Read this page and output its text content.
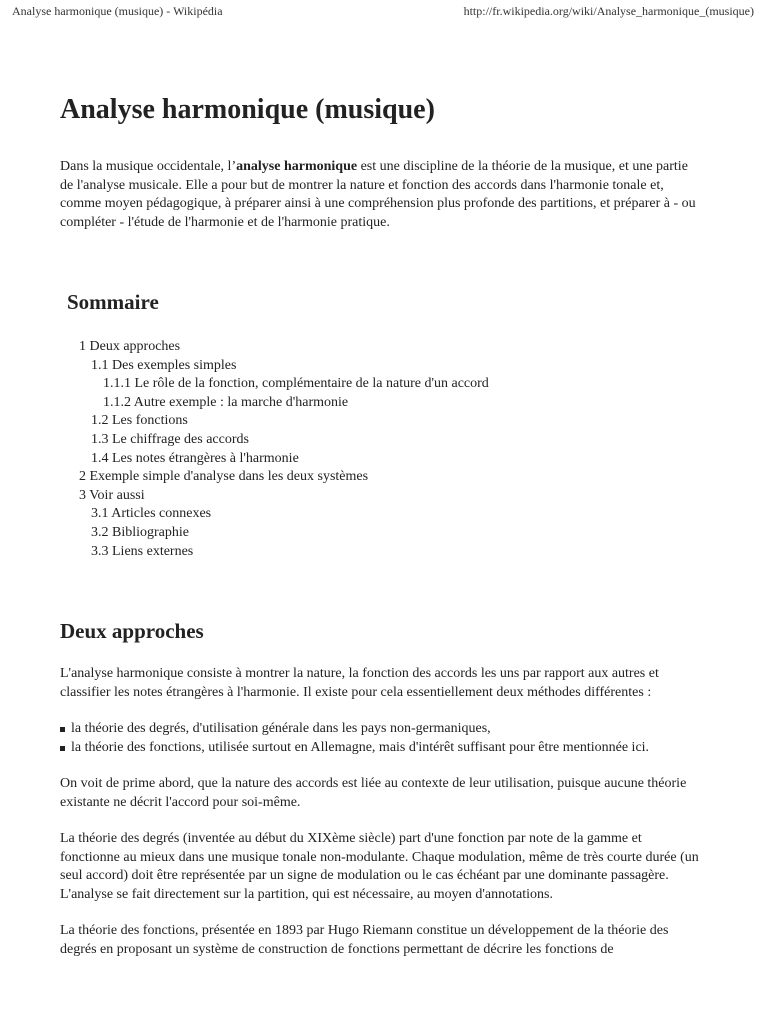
Analyse harmonique (musique) - Wikipédia	http://fr.wikipedia.org/wiki/Analyse_harmonique_(musique)
Analyse harmonique (musique)

Dans la musique occidentale, l’analyse harmonique est une discipline de la théorie de la musique, et une partie de l'analyse musicale. Elle a pour but de montrer la nature et fonction des accords dans l'harmonie tonale et, comme moyen pédagogique, à préparer ainsi à une compréhension plus profonde des partitions, et préparer à - ou compléter - l'étude de l'harmonie et de l'harmonie pratique.

Sommaire
1 Deux approches
1.1 Des exemples simples
1.1.1 Le rôle de la fonction, complémentaire de la nature d'un accord
1.1.2 Autre exemple : la marche d'harmonie
1.2 Les fonctions
1.3 Le chiffrage des accords
1.4 Les notes étrangères à l'harmonie
2 Exemple simple d'analyse dans les deux systèmes
3 Voir aussi
3.1 Articles connexes
3.2 Bibliographie
3.3 Liens externes
Deux approches

L'analyse harmonique consiste à montrer la nature, la fonction des accords les uns par rapport aux autres et classifier les notes étrangères à l'harmonie. Il existe pour cela essentiellement deux méthodes différentes :

la théorie des degrés, d'utilisation générale dans les pays non-germaniques,
la théorie des fonctions, utilisée surtout en Allemagne, mais d'intérêt suffisant pour être mentionnée ici.

On voit de prime abord, que la nature des accords est liée au contexte de leur utilisation, puisque aucune théorie existante ne décrit l'accord pour soi-même.

La théorie des degrés (inventée au début du XIXème siècle) part d'une fonction par note de la gamme et fonctionne au mieux dans une musique tonale non-modulante. Chaque modulation, même de très courte durée (un seul accord) doit être représentée par un signe de modulation ou le cas échéant par une dominante passagère. L'analyse se fait directement sur la partition, qui est nécessaire, au moyen d'annotations.

La théorie des fonctions, présentée en 1893 par Hugo Riemann constitue un développement de la théorie des degrés en proposant un système de construction de fonctions permettant de décrire les fonctions de
